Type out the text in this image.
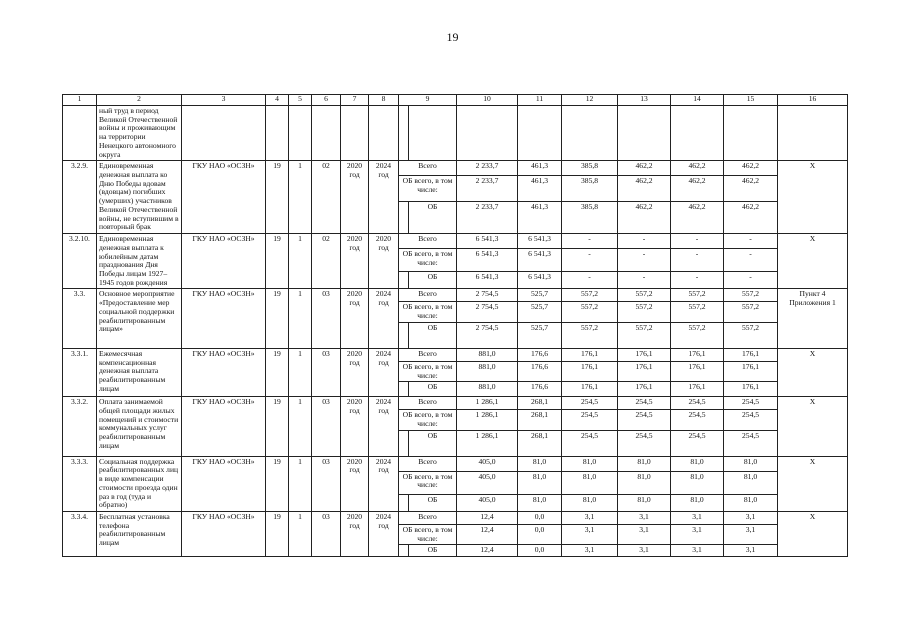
19
1	2	3	4	5	6	7	8	9		10	11	12	13	14	15	16
	ный труд в период Великой Отечественной войны и проживающим на территории Ненецкого автономного округа															
3.2.9.	Единовременная денежная выплата ко Дню Победы вдовам (вдовцам) погибших (умерших) участников Великой Отечественной войны, не вступившим в повторный брак	ГКУ НАО «ОСЗН»	19	1	02	2020 год	2024 год	Всего		2 233,7	461,3	385,8	462,2	462,2	462,2	X
								ОБ всего, в том числе:		2 233,7	461,3	385,8	462,2	462,2	462,2	
									ОБ	2 233,7	461,3	385,8	462,2	462,2	462,2	
3.2.10.	Единовременная денежная выплата к юбилейным датам празднования Дня Победы лицам 1927–1945 годов рождения	ГКУ НАО «ОСЗН»	19	1	02	2020 год	2020 год	Всего		6 541,3	6 541,3	-	-	-	-	X
								ОБ всего, в том числе:		6 541,3	6 541,3	-	-	-	-	
									ОБ	6 541,3	6 541,3	-	-	-	-	
3.3.	Основное мероприятие «Предоставление мер социальной поддержки реабилитированным лицам»	ГКУ НАО «ОСЗН»	19	1	03	2020 год	2024 год	Всего		2 754,5	525,7	557,2	557,2	557,2	557,2	Пункт 4 Приложения 1
								ОБ всего, в том числе:		2 754,5	525,7	557,2	557,2	557,2	557,2	
									ОБ	2 754,5	525,7	557,2	557,2	557,2	557,2	
3.3.1.	Ежемесячная компенсационная денежная выплата реабилитированным лицам	ГКУ НАО «ОСЗН»	19	1	03	2020 год	2024 год	Всего		881,0	176,6	176,1	176,1	176,1	176,1	X
								ОБ всего, в том числе:		881,0	176,6	176,1	176,1	176,1	176,1	
									ОБ	881,0	176,6	176,1	176,1	176,1	176,1	
3.3.2.	Оплата занимаемой общей площади жилых помещений и стоимости коммунальных услуг реабилитированным лицам	ГКУ НАО «ОСЗН»	19	1	03	2020 год	2024 год	Всего		1 286,1	268,1	254,5	254,5	254,5	254,5	X
								ОБ всего, в том числе:		1 286,1	268,1	254,5	254,5	254,5	254,5	
									ОБ	1 286,1	268,1	254,5	254,5	254,5	254,5	
3.3.3.	Социальная поддержка реабилитированных лиц в виде компенсации стоимости проезда один раз в год (туда и обратно)	ГКУ НАО «ОСЗН»	19	1	03	2020 год	2024 год	Всего		405,0	81,0	81,0	81,0	81,0	81,0	X
								ОБ всего, в том числе:		405,0	81,0	81,0	81,0	81,0	81,0	
									ОБ	405,0	81,0	81,0	81,0	81,0	81,0	
3.3.4.	Бесплатная установка телефона реабилитированным лицам	ГКУ НАО «ОСЗН»	19	1	03	2020 год	2024 год	Всего		12,4	0,0	3,1	3,1	3,1	3,1	X
								ОБ всего, в том числе:		12,4	0,0	3,1	3,1	3,1	3,1	
									ОБ	12,4	0,0	3,1	3,1	3,1	3,1	
